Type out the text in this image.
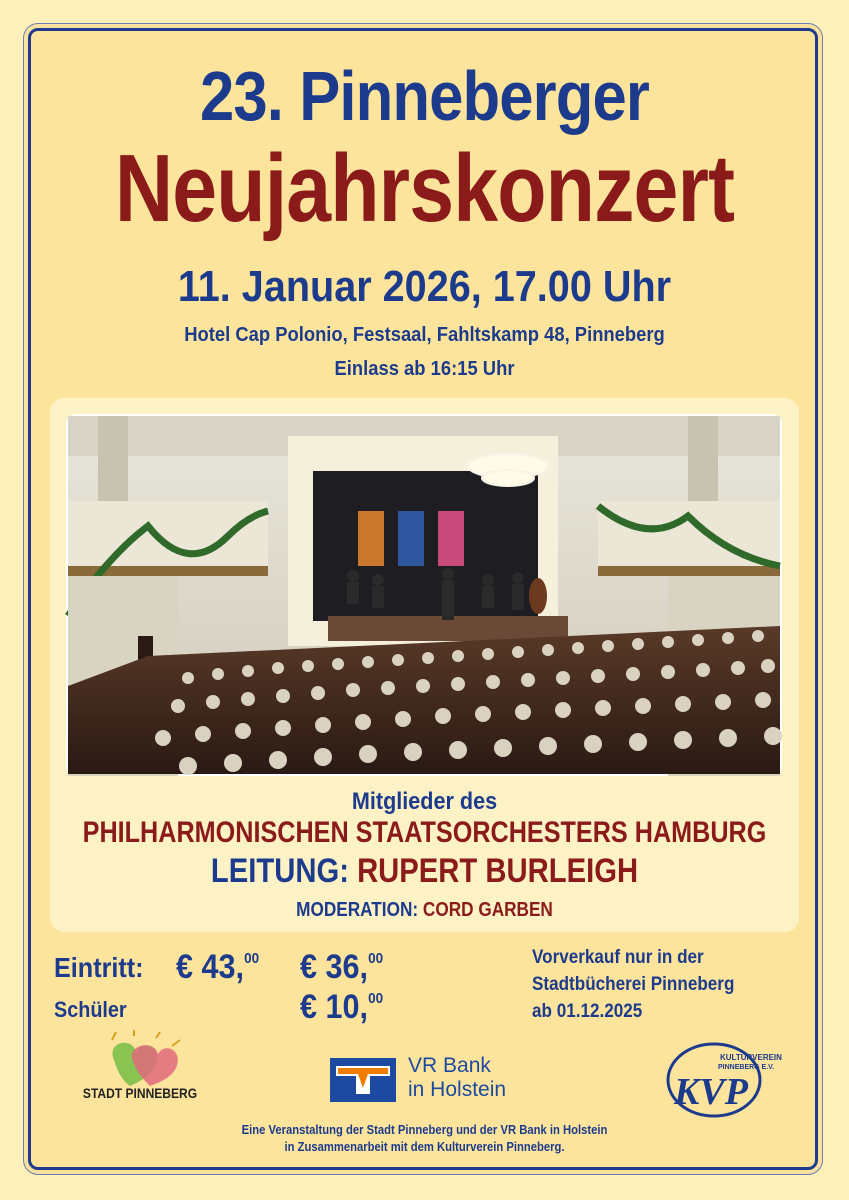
23. Pinneberger
Neujahrskonzert
11. Januar 2026, 17.00 Uhr
Hotel Cap Polonio, Festsaal, Fahltskamp 48, Pinneberg
Einlass ab 16:15 Uhr
Mitglieder des
PHILHARMONISCHEN STAATSORCHESTERS HAMBURG
LEITUNG: RUPERT BURLEIGH
MODERATION: CORD GARBEN
Eintritt: € 43,00 € 36,00
Schüler	€ 10,00
Vorverkauf nur in der
Stadtbücherei Pinneberg
ab 01.12.2025
STADT PINNEBERG
VR Bank
in Holstein
KULTURVEREIN
PINNEBERG E.V.
KVP
Eine Veranstaltung der Stadt Pinneberg und der VR Bank in Holstein
in Zusammenarbeit mit dem Kulturverein Pinneberg.
